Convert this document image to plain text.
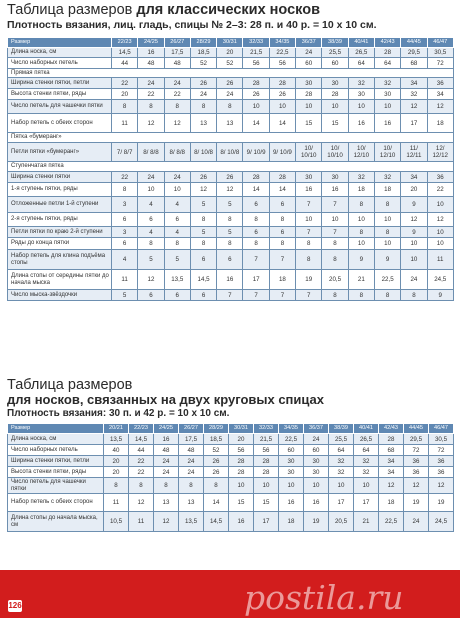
Таблица размеров для классических носков
Плотность вязания, лиц. гладь, спицы № 2–3: 28 п. и 40 р. = 10 x 10 см.
Размер	22/23	24/25	26/27	28/29	30/31	32/33	34/35	36/37	38/39	40/41	42/43	44/45	46/47
Длина носка, см	14,5	16	17,5	18,5	20	21,5	22,5	24	25,5	26,5	28	29,5	30,5
Число наборных петель	44	48	48	52	52	56	56	60	60	64	64	68	72
Прямая пятка													
Ширина стенки пятки, петли	22	24	24	26	26	28	28	30	30	32	32	34	36
Высота стенки пятки, ряды	20	22	22	24	24	26	26	28	28	30	30	32	34
Число петель для чашечки пятки	8	8	8	8	8	10	10	10	10	10	10	12	12
Набор петель с обеих сторон	11	12	12	13	13	14	14	15	15	16	16	17	18
Пятка «бумеранг»													
Петли пятки «бумеранг»	7/ 8/7	8/ 8/8	8/ 8/8	8/ 10/8	8/ 10/8	9/ 10/9	9/ 10/9	10/ 10/10	10/ 10/10	10/ 12/10	10/ 12/10	11/ 12/11	12/ 12/12
Ступенчатая пятка													
Ширина стенки пятки	22	24	24	26	26	28	28	30	30	32	32	34	36
1-я ступень пятки, ряды	8	10	10	12	12	14	14	16	16	18	18	20	22
Отложенные петли 1-й ступени	3	4	4	5	5	6	6	7	7	8	8	9	10
2-я ступень пятки, ряды	6	6	6	8	8	8	8	10	10	10	10	12	12
Петли пятки по краю 2-й ступени	3	4	4	5	5	6	6	7	7	8	8	9	10
Ряды до конца пятки	6	8	8	8	8	8	8	8	8	10	10	10	10
Набор петель для клина подъёма стопы	4	5	5	6	6	7	7	8	8	9	9	10	11
Длина стопы от середины пятки до начала мыска	11	12	13,5	14,5	16	17	18	19	20,5	21	22,5	24	24,5
Число мыска-звёздочки	5	6	6	6	7	7	7	7	8	8	8	8	9
Таблица размеров
для носков, связанных на двух круговых спицах
Плотность вязания: 30 п. и 42 р. = 10 х 10 см.
Размер	20/21	22/23	24/25	26/27	28/29	30/31	32/33	34/35	36/37	38/39	40/41	42/43	44/45	46/47
Длина носка, см	13,5	14,5	16	17,5	18,5	20	21,5	22,5	24	25,5	26,5	28	29,5	30,5
Число наборных петель	40	44	48	48	52	56	56	60	60	64	64	68	72	72
Ширина стенки пятки, петли	20	22	24	24	26	28	28	30	30	32	32	34	36	36
Высота стенки пятки, ряды	20	22	24	24	26	28	28	30	30	32	32	34	36	36
Число петель для чашечки пятки	8	8	8	8	8	10	10	10	10	10	10	12	12	12
Набор петель с обеих сторон	11	12	13	13	14	15	15	16	16	17	17	18	19	19
Длина стопы до начала мыска, см	10,5	11	12	13,5	14,5	16	17	18	19	20,5	21	22,5	24	24,5
postila.ru
126
